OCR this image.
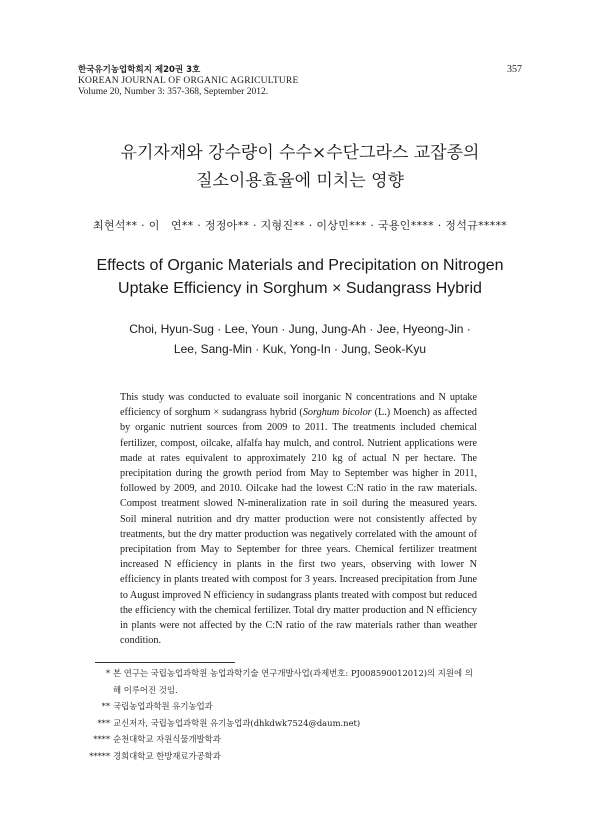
한국유기농업학회지 제20권 3호
KOREAN JOURNAL OF ORGANIC AGRICULTURE
Volume 20, Number 3: 357-368, September 2012.
357
유기자재와 강수량이 수수×수단그라스 교잡종의
질소이용효율에 미치는 영향
최현석** · 이　연** · 정정아** · 지형진** · 이상민*** · 국용인**** · 정석규*****
Effects of Organic Materials and Precipitation on Nitrogen
Uptake Efficiency in Sorghum × Sudangrass Hybrid
Choi, Hyun-Sug · Lee, Youn · Jung, Jung-Ah · Jee, Hyeong-Jin ·
Lee, Sang-Min · Kuk, Yong-In · Jung, Seok-Kyu

This study was conducted to evaluate soil inorganic N concentrations and N uptake efficiency of sorghum × sudangrass hybrid (Sorghum bicolor (L.) Moench) as affected by organic nutrient sources from 2009 to 2011. The treatments included chemical fertilizer, compost, oilcake, alfalfa hay mulch, and control. Nutrient applications were made at rates equivalent to approximately 210 kg of actual N per hectare. The precipitation during the growth period from May to September was higher in 2011, followed by 2009, and 2010. Oilcake had the lowest C:N ratio in the raw materials. Compost treatment slowed N-mineralization rate in soil during the measured years. Soil mineral nutrition and dry matter production were not consistently affected by treatments, but the dry matter production was negatively correlated with the amount of precipitation from May to September for three years. Chemical fertilizer treatment increased N efficiency in plants in the first two years, observing with lower N efficiency in plants treated with compost for 3 years. Increased precipitation from June to August improved N efficiency in sudangrass plants treated with compost but reduced the efficiency with the chemical fertilizer. Total dry matter production and N efficiency in plants were not affected by the C:N ratio of the raw materials rather than weather condition.

* 본 연구는 국립농업과학원 농업과학기술 연구개발사업(과제번호: PJ008590012012)의 지원에 의
해 이루어진 것임.
** 국립농업과학원 유기농업과
*** 교신저자, 국립농업과학원 유기농업과(dhkdwk7524@daum.net)
**** 순천대학교 자원식물개발학과
***** 경희대학교 한방재료가공학과
